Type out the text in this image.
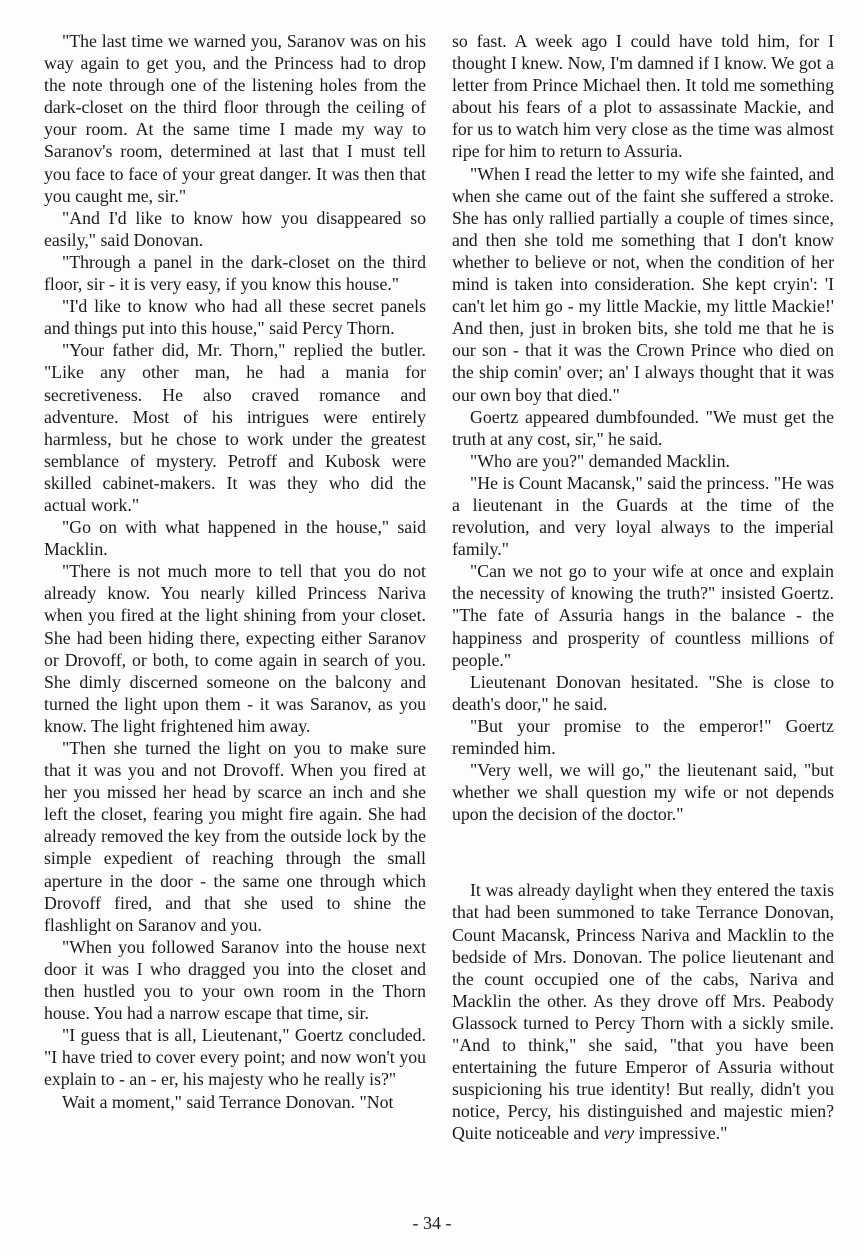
"The last time we warned you, Saranov was on his way again to get you, and the Princess had to drop the note through one of the listening holes from the dark-closet on the third floor through the ceiling of your room. At the same time I made my way to Saranov's room, determined at last that I must tell you face to face of your great danger. It was then that you caught me, sir."

"And I'd like to know how you disappeared so easily," said Donovan.

"Through a panel in the dark-closet on the third floor, sir - it is very easy, if you know this house."

"I'd like to know who had all these secret panels and things put into this house," said Percy Thorn.

"Your father did, Mr. Thorn," replied the butler. "Like any other man, he had a mania for secretiveness. He also craved romance and adventure. Most of his intrigues were entirely harmless, but he chose to work under the greatest semblance of mystery. Petroff and Kubosk were skilled cabinet-makers. It was they who did the actual work."

"Go on with what happened in the house," said Macklin.

"There is not much more to tell that you do not already know. You nearly killed Princess Nariva when you fired at the light shining from your closet. She had been hiding there, expecting either Saranov or Drovoff, or both, to come again in search of you. She dimly discerned someone on the balcony and turned the light upon them - it was Saranov, as you know. The light frightened him away.

"Then she turned the light on you to make sure that it was you and not Drovoff. When you fired at her you missed her head by scarce an inch and she left the closet, fearing you might fire again. She had already removed the key from the outside lock by the simple expedient of reaching through the small aperture in the door - the same one through which Drovoff fired, and that she used to shine the flashlight on Saranov and you.

"When you followed Saranov into the house next door it was I who dragged you into the closet and then hustled you to your own room in the Thorn house. You had a narrow escape that time, sir.

"I guess that is all, Lieutenant," Goertz concluded. "I have tried to cover every point; and now won't you explain to - an - er, his majesty who he really is?"

Wait a moment," said Terrance Donovan. "Not

so fast. A week ago I could have told him, for I thought I knew. Now, I'm damned if I know. We got a letter from Prince Michael then. It told me something about his fears of a plot to assassinate Mackie, and for us to watch him very close as the time was almost ripe for him to return to Assuria.

"When I read the letter to my wife she fainted, and when she came out of the faint she suffered a stroke. She has only rallied partially a couple of times since, and then she told me something that I don't know whether to believe or not, when the condition of her mind is taken into consideration. She kept cryin': 'I can't let him go - my little Mackie, my little Mackie!' And then, just in broken bits, she told me that he is our son - that it was the Crown Prince who died on the ship comin' over; an' I always thought that it was our own boy that died."

Goertz appeared dumbfounded. "We must get the truth at any cost, sir," he said.

"Who are you?" demanded Macklin.

"He is Count Macansk," said the princess. "He was a lieutenant in the Guards at the time of the revolution, and very loyal always to the imperial family."

"Can we not go to your wife at once and explain the necessity of knowing the truth?" insisted Goertz. "The fate of Assuria hangs in the balance - the happiness and prosperity of countless millions of people."

Lieutenant Donovan hesitated. "She is close to death's door," he said.

"But your promise to the emperor!" Goertz reminded him.

"Very well, we will go," the lieutenant said, "but whether we shall question my wife or not depends upon the decision of the doctor."

It was already daylight when they entered the taxis that had been summoned to take Terrance Donovan, Count Macansk, Princess Nariva and Macklin to the bedside of Mrs. Donovan. The police lieutenant and the count occupied one of the cabs, Nariva and Macklin the other. As they drove off Mrs. Peabody Glassock turned to Percy Thorn with a sickly smile. "And to think," she said, "that you have been entertaining the future Emperor of Assuria without suspicioning his true identity! But really, didn't you notice, Percy, his distinguished and majestic mien? Quite noticeable and very impressive."

- 34 -
